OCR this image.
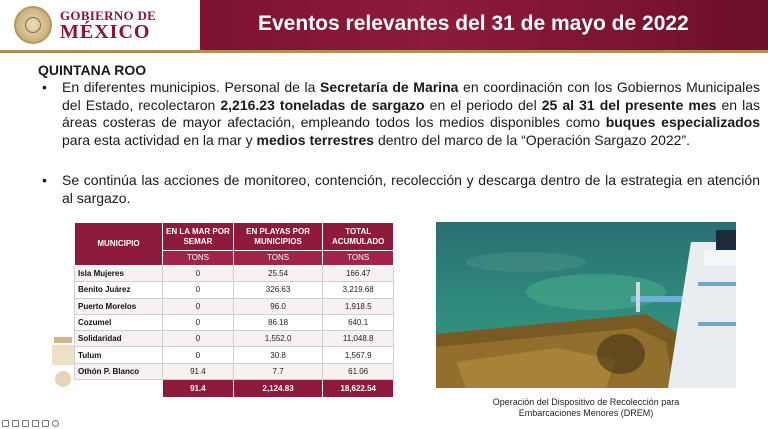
GOBIERNO DE
MÉXICO	Eventos relevantes del 31 de mayo de 2022
QUINTANA ROO
• En diferentes municipios. Personal de la Secretaría de Marina en coordinación con los Gobiernos Municipales del Estado, recolectaron 2,216.23 toneladas de sargazo en el periodo del 25 al 31 del presente mes en las áreas costeras de mayor afectación, empleando todos los medios disponibles como buques especializados para esta actividad en la mar y medios terrestres dentro del marco de la “Operación Sargazo 2022”.
• Se continúa las acciones de monitoreo, contención, recolección y descarga dentro de la estrategia en atención al sargazo.
MUNICIPIO	EN LA MAR POR SEMAR	EN PLAYAS POR MUNICIPIOS	TOTAL ACUMULADO
	TONS	TONS	TONS
Isla Mujeres	0	25.54	166.47
Benito Juárez	0	326.63	3,219.68
Puerto Morelos	0	96.0	1,918.5
Cozumel	0	86.18	640.1
Solidaridad	0	1,552.0	11,048.8
Tulum	0	30.8	1,567.9
Othón P. Blanco	91.4	7.7	61.06
	91.4	2,124.83	18,622.54
Operación del Dispositivo de Recolección para
Embarcaciones Menores (DREM)
